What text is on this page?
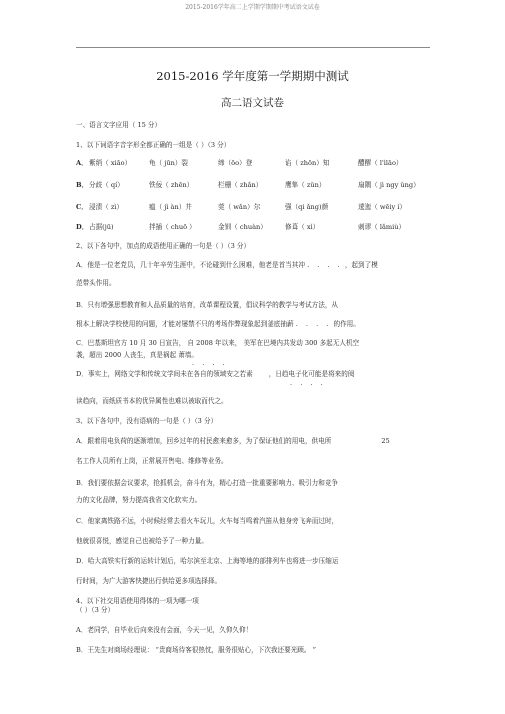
2015-2016学年高二上学期学期期中考试语文试卷
2015-2016 学年度第一学期期中测试
高二语文试卷
一、语言文字应用（ 15 分）
1、以下词语字音字形全都正确的一组是（ ）（3 分）
A． 紫绡（ xiāo）	龟（ jūn）裂	缔（ōo）登	谄（ zhōn）知	醴醪（ l'ìlāo）
B． 分歧（ qí）	铁佞（ zhēn）	栏栅（ zhǎn）	鹰隼（ zǔn）	扇隅（ jì ngy ǔng）
C． 浸渍（ zì）	瘟（ jì àn）井	莞（ wǎn）尔	强（qi ǎng)颜	逶迤（ wēiy í）
D． 占据(jū)	拌插（ chuō ）	金钏（ chuàn）	修葺（ xì）	刺谬（ lǎmiù）
2、以下各句中，加点的成语使用正确的一句是（ ）（3 分）
A．他是一位老党员，几十年辛劳生涯中，不论碰到什么困难，他老是首当其冲 . . . . ，起到了模
范带头作用。
B．只有增强思想教育和人品质量的培育，改革课程设置，倡议科学的教学与考试方法，从
根本上解决学校使用的问题，才能对屡禁不只的考场作弊现象起到釜底抽薪 . . . . 的作用。
C．巴基斯坦官方 10 月 30 日宣告， 自 2008 年以来， 美军在巴境内共发动 300 多起无人机空
袭，超出 2000 人丧生，真是祸起 萧墙。
. . . .
D．事实上，网络文学和传统文学间未在各自的领域安之若素 ，日趋电子化可能是将来的阅
. . . .
读趋向，而纸质书本的优异属性也难以被取而代之。
3、以下各句中，没有语病的一句是（ ）（3 分）
A．跟着用电负荷的逐渐增加，回乡过年的村民愈来愈多，为了保证他们的用电，供电所	25
名工作人员所有上岗，正常展开售电、维修等业务。
B．我们要依据会议要求，抢抓机会，奋斗有为，精心打造一批重要影响力、吸引力和竞争
力的文化品牌，努力提高我省文化软实力。
C．他家离铁路不远，小时候经常去看火车玩儿，火车每当鸣着汽笛从他身旁飞奔而过时，
他就很喜悦，感觉自己也被给予了一种力量。
D．哈大高铁实行新的运转计划后，哈尔滨至北京、上海等地的部排列车也将进一步压缩运
行时间，为广大游客快捷出行供给更多项选择择。
4、以下社交用语使用得体的一项为哪一项
（ ）（3 分）
A．老同学，自毕业后向来没有会面，今天一见，久仰久仰！
B．王先生对商场经理说： “贵商场待客很热忱，服务很贴心，下次我还要光顾。 ”
